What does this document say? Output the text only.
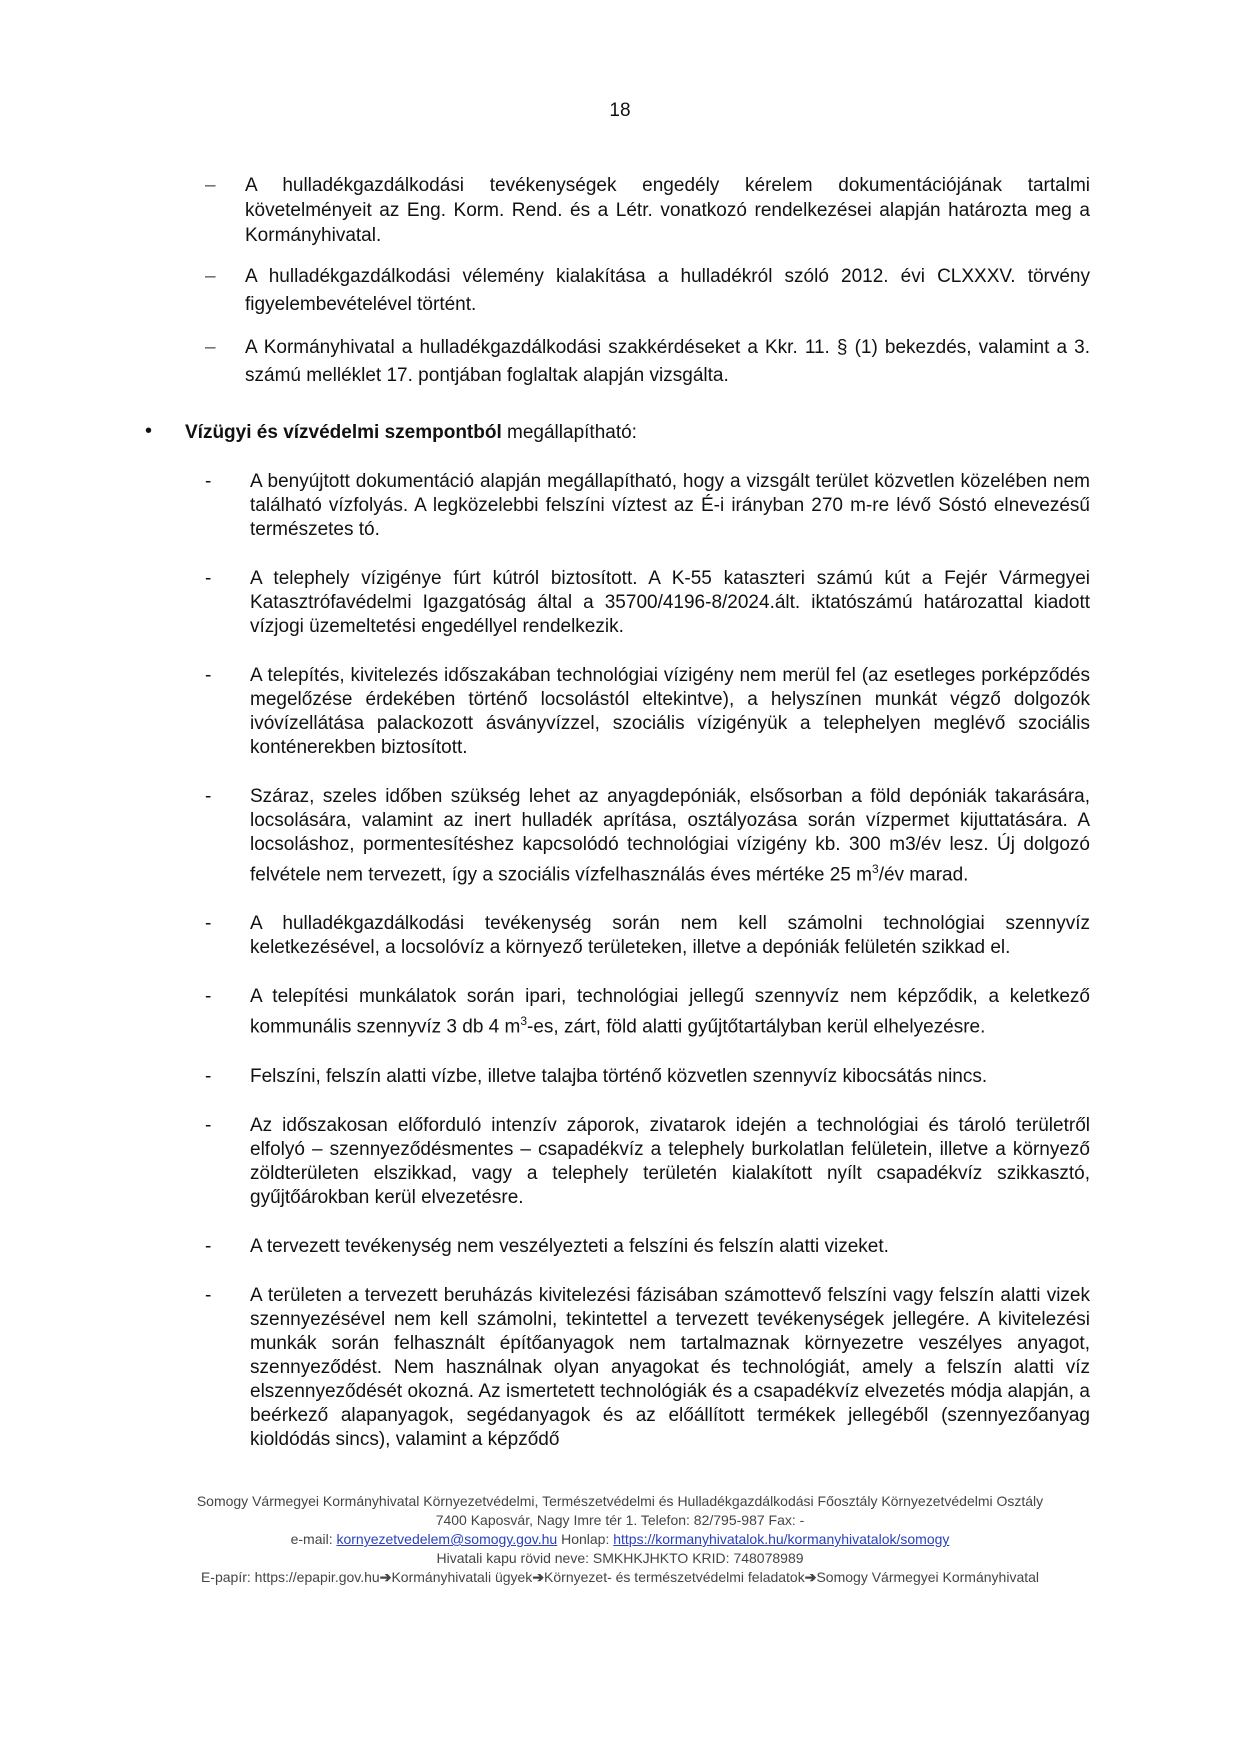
18
– A hulladékgazdálkodási tevékenységek engedély kérelem dokumentációjának tartalmi követelményeit az Eng. Korm. Rend. és a Létr. vonatkozó rendelkezései alapján határozta meg a Kormányhivatal.
– A hulladékgazdálkodási vélemény kialakítása a hulladékról szóló 2012. évi CLXXXV. törvény figyelembevételével történt.
– A Kormányhivatal a hulladékgazdálkodási szakkérdéseket a Kkr. 11. § (1) bekezdés, valamint a 3. számú melléklet 17. pontjában foglaltak alapján vizsgálta.
• Vízügyi és vízvédelmi szempontból megállapítható:
- A benyújtott dokumentáció alapján megállapítható, hogy a vizsgált terület közvetlen közelében nem található vízfolyás. A legközelebbi felszíni víztest az É-i irányban 270 m-re lévő Sóstó elnevezésű természetes tó.
- A telephely vízigénye fúrt kútról biztosított. A K-55 kataszteri számú kút a Fejér Vármegyei Katasztrófavédelmi Igazgatóság által a 35700/4196-8/2024.ált. iktatószámú határozattal kiadott vízjogi üzemeltetési engedéllyel rendelkezik.
- A telepítés, kivitelezés időszakában technológiai vízigény nem merül fel (az esetleges porképződés megelőzése érdekében történő locsolástól eltekintve), a helyszínen munkát végző dolgozók ivóvízellátása palackozott ásványvízzel, szociális vízigényük a telephelyen meglévő szociális konténerekben biztosított.
- Száraz, szeles időben szükség lehet az anyagdepóniák, elsősorban a föld depóniák takarására, locsolására, valamint az inert hulladék aprítása, osztályozása során vízpermet kijuttatására. A locsoláshoz, pormentesítéshez kapcsolódó technológiai vízigény kb. 300 m3/év lesz. Új dolgozó felvétele nem tervezett, így a szociális vízfelhasználás éves mértéke 25 $m^3/év$ marad.
- A hulladékgazdálkodási tevékenység során nem kell számolni technológiai szennyvíz keletkezésével, a locsolóvíz a környező területeken, illetve a depóniák felületén szikkad el.
- A telepítési munkálatok során ipari, technológiai jellegű szennyvíz nem képződik, a keletkező kommunális szennyvíz 3 db 4 $m^3-es$, zárt, föld alatti gyűjtőtartályban kerül elhelyezésre.
- Felszíni, felszín alatti vízbe, illetve talajba történő közvetlen szennyvíz kibocsátás nincs.
- Az időszakosan előforduló intenzív záporok, zivatarok idején a technológiai és tároló területről elfolyó – szennyeződésmentes – csapadékvíz a telephely burkolatlan felületein, illetve a környező zöldterületen elszikkad, vagy a telephely területén kialakított nyílt csapadékvíz szikkasztó, gyűjtőárokban kerül elvezetésre.
- A tervezett tevékenység nem veszélyezteti a felszíni és felszín alatti vizeket.
- A területen a tervezett beruházás kivitelezési fázisában számottevő felszíni vagy felszín alatti vizek szennyezésével nem kell számolni, tekintettel a tervezett tevékenységek jellegére. A kivitelezési munkák során felhasznált építőanyagok nem tartalmaznak környezetre veszélyes anyagot, szennyeződést. Nem használnak olyan anyagokat és technológiát, amely a felszín alatti víz elszennyeződését okozná. Az ismertetett technológiák és a csapadékvíz elvezetés módja alapján, a beérkező alapanyagok, segédanyagok és az előállított termékek jellegéből (szennyezőanyag kioldódás sincs), valamint a képződő
Somogy Vármegyei Kormányhivatal Környezetvédelmi, Természetvédelmi és Hulladékgazdálkodási Főosztály Környezetvédelmi Osztály
7400 Kaposvár, Nagy Imre tér 1. Telefon: 82/795-987 Fax: -
e-mail: kornyezetvedelem@somogy.gov.hu Honlap: https://kormanyhivatalok.hu/kormanyhivatalok/somogy
Hivatali kapu rövid neve: SMKHKJHKTO KRID: 748078989
E-papír: https://epapir.gov.hu➔Kormányhivatali ügyek➔Környezet- és természetvédelmi feladatok➔Somogy Vármegyei Kormányhivatal
